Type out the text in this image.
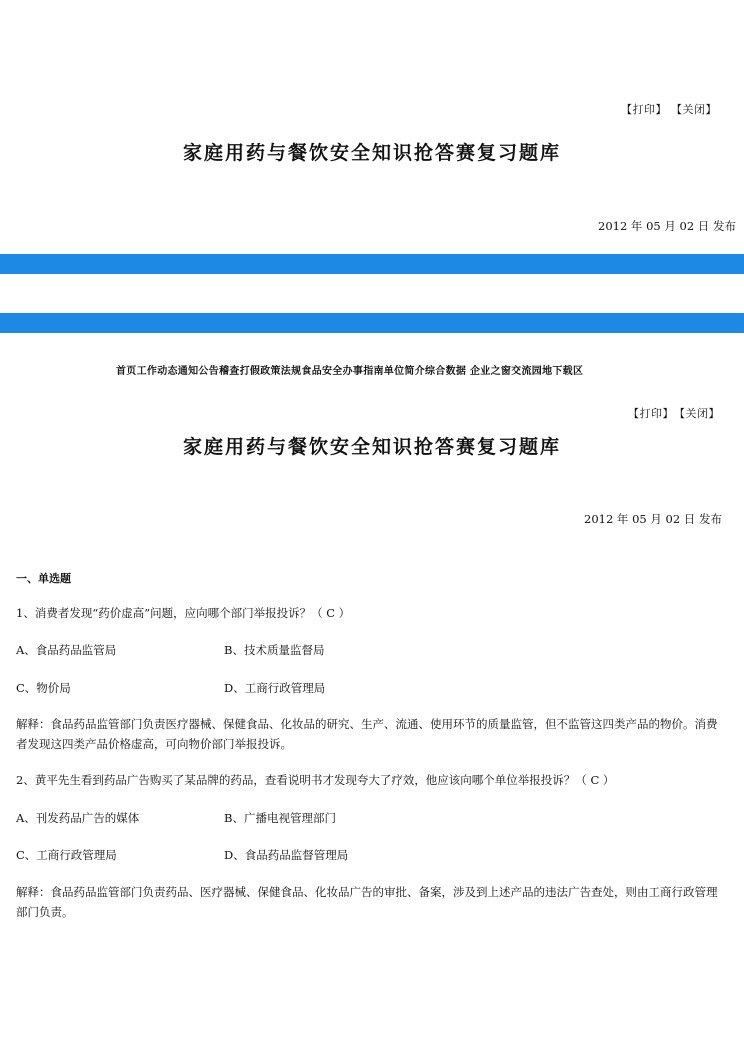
【打印】 【关闭】
家庭用药与餐饮安全知识抢答赛复习题库
2012 年 05 月 02 日 发布
首页工作动态通知公告稽查打假政策法规食品安全办事指南单位简介综合数据 企业之窗交流园地下载区
【打印】【关闭】
家庭用药与餐饮安全知识抢答赛复习题库
2012 年 05 月 02 日 发布
一、单选题
1、消费者发现“药价虚高”问题，应向哪个部门举报投诉？（ C ）
A、食品药品监管局	B、技术质量监督局
C、物价局	D、工商行政管理局
解释：食品药品监管部门负责医疗器械、保健食品、化妆品的研究、生产、流通、使用环节的质量监管，但不监管这四类产品的物价。消费者发现这四类产品价格虚高，可向物价部门举报投诉。
2、黄平先生看到药品广告购买了某品牌的药品，查看说明书才发现夸大了疗效，他应该向哪个单位举报投诉？（ C ）
A、刊发药品广告的媒体	B、广播电视管理部门
C、工商行政管理局	D、食品药品监督管理局
解释：食品药品监管部门负责药品、医疗器械、保健食品、化妆品广告的审批、备案，涉及到上述产品的违法广告查处，则由工商行政管理部门负责。
